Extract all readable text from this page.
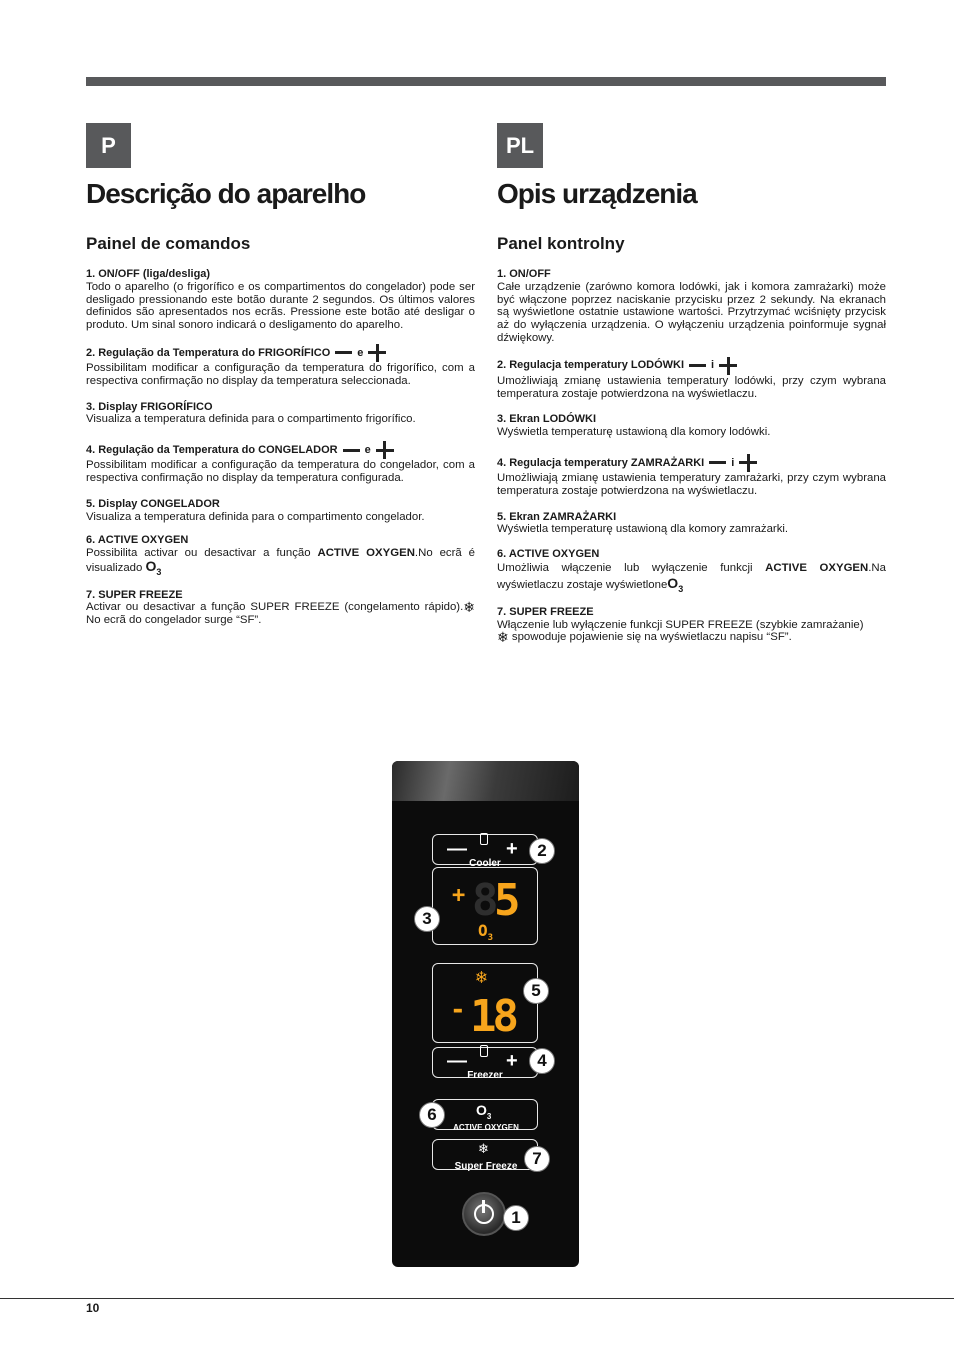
P
Descrição do aparelho
Painel de comandos
1. ON/OFF (liga/desliga)

Todo o aparelho (o frigorífico e os compartimentos do congelador) pode ser desligado pressionando este botão durante 2 segundos. Os últimos valores definidos são apresentados nos ecrãs. Pressione este botão até desligar o produto. Um sinal sonoro indicará o desligamento do aparelho.

2. Regulação da Temperatura do FRIGORÍFICO e

Possibilitam modificar a configuração da temperatura do frigorífico, com a respectiva confirmação no display da temperatura seleccionada.

3. Display FRIGORÍFICO

Visualiza a temperatura definida para o compartimento frigorífico.

4. Regulação da Temperatura do CONGELADOR e

Possibilitam modificar a configuração da temperatura do congelador, com a respectiva confirmação no display da temperatura configurada.

5. Display CONGELADOR

Visualiza a temperatura definida para o compartimento congelador.

6. ACTIVE OXYGEN

Possibilita activar ou desactivar a função ACTIVE OXYGEN.No ecrã é visualizado $O_3$

7. SUPER FREEZE

Activar ou desactivar a função SUPER FREEZE (congelamento rápido).❄No ecrã do congelador surge “SF”.

PL
Opis urządzenia
Panel kontrolny
1. ON/OFF

Całe urządzenie (zarówno komora lodówki, jak i komora zamrażarki) może być włączone poprzez naciskanie przycisku przez 2 sekundy. Na ekranach są wyświetlone ostatnie ustawione wartości. Przytrzymać wciśnięty przycisk aż do wyłączenia urządzenia. O wyłączeniu urządzenia poinformuje sygnał dźwiękowy.

2. Regulacja temperatury LODÓWKI i

Umożliwiają zmianę ustawienia temperatury lodówki, przy czym wybrana temperatura zostaje potwierdzona na wyświetlaczu.

3. Ekran LODÓWKI

Wyświetla temperaturę ustawioną dla komory lodówki.

4. Regulacja temperatury ZAMRAŻARKI i

Umożliwiają zmianę ustawienia temperatury zamrażarki, przy czym wybrana temperatura zostaje potwierdzona na wyświetlaczu.

5. Ekran ZAMRAŻARKI

Wyświetla temperaturę ustawioną dla komory zamrażarki.

6. ACTIVE OXYGEN

Umożliwia włączenie lub wyłączenie funkcji ACTIVE OXYGEN.Na wyświetlaczu zostaje wyświetloneO$_3$

7. SUPER FREEZE

Włączenie lub wyłączenie funkcji SUPER FREEZE (szybkie zamrażanie)
❄ spowoduje pojawienie się na wyświetlaczu napisu “SF”.

— +
Cooler
+ 8
5
$O_3$
❄
- 18
— +
Freezer
$O_3$
ACTIVE OXYGEN
❄
Super Freeze
1
2
3
4
5
6
7
10
